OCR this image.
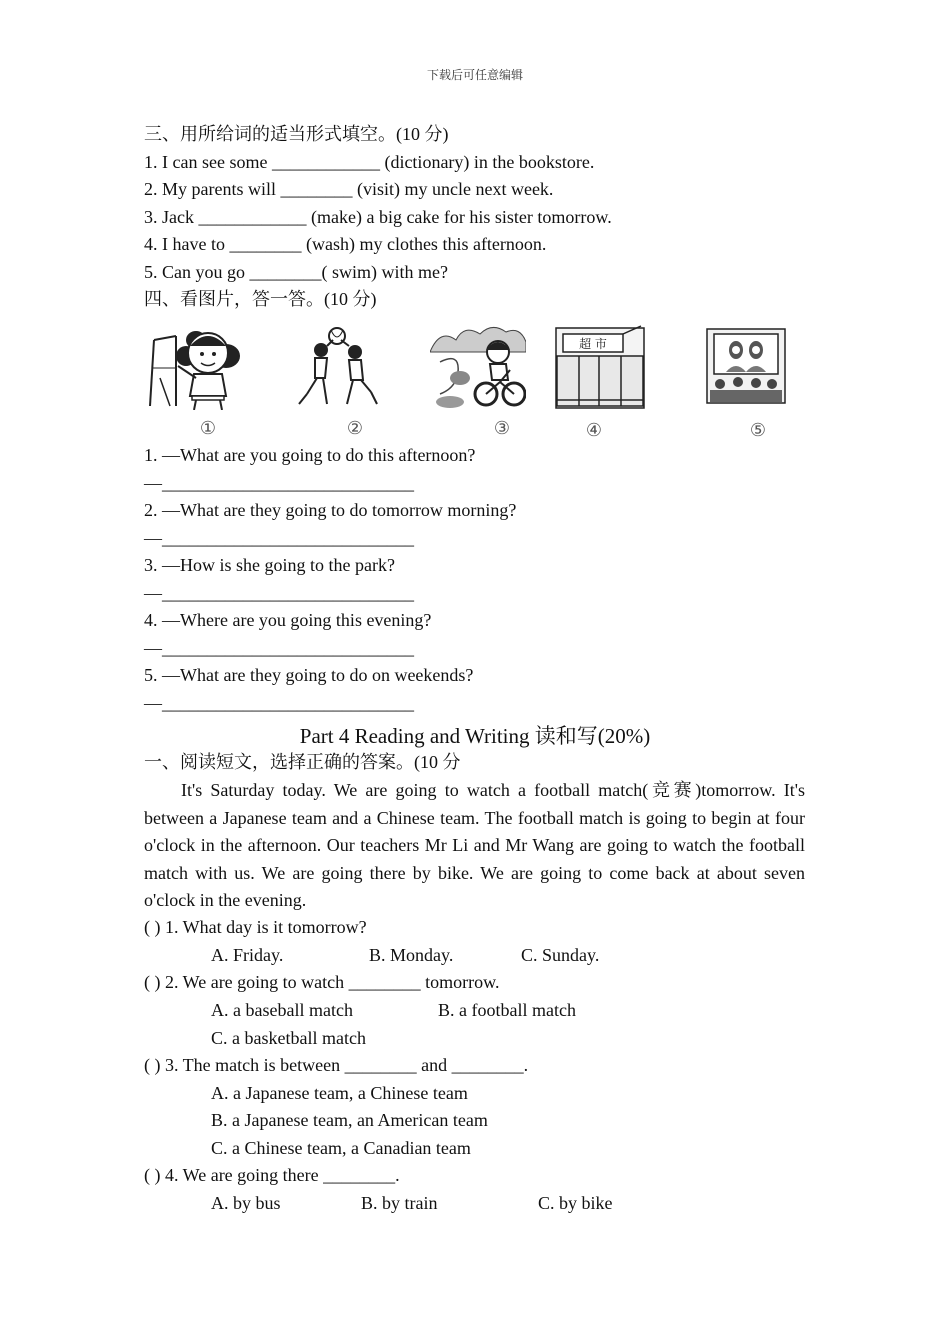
下载后可任意编辑
三、用所给词的适当形式填空。(10 分)
1. I can see some ____________ (dictionary) in the bookstore.
2. My parents will ________ (visit) my uncle next week.
3. Jack ____________ (make) a big cake for his sister tomorrow.
4. I have to ________ (wash) my clothes this afternoon.
5. Can you go ________( swim) with me?
四、看图片，答一答。(10 分)
超 市
①	②	③	④	⑤
1. —What are you going to do this afternoon?
—____________________________
2. —What are they going to do tomorrow morning?
—____________________________
3. —How is she going to the park?
—____________________________
4. —Where are you going this evening?
—____________________________
5. —What are they going to do on weekends?
—____________________________
Part 4 Reading and Writing 读和写(20%)
一、阅读短文，选择正确的答案。(10 分
It's Saturday today. We are going to watch a football match(竞赛)tomorrow. It's between a Japanese team and a Chinese team. The football match is going to begin at four o'clock in the afternoon. Our teachers Mr Li and Mr Wang are going to watch the football match with us. We are going there by bike. We are going to come back at about seven o'clock in the evening.
( ) 1. What day is it tomorrow?
A. Friday.	B. Monday.	C. Sunday.
( ) 2. We are going to watch ________ tomorrow.
A. a baseball match	B. a football match
C. a basketball match
( ) 3. The match is between ________ and ________.
A. a Japanese team, a Chinese team
B. a Japanese team, an American team
C. a Chinese team, a Canadian team
( ) 4. We are going there ________.
A. by bus	B. by train	C. by bike
